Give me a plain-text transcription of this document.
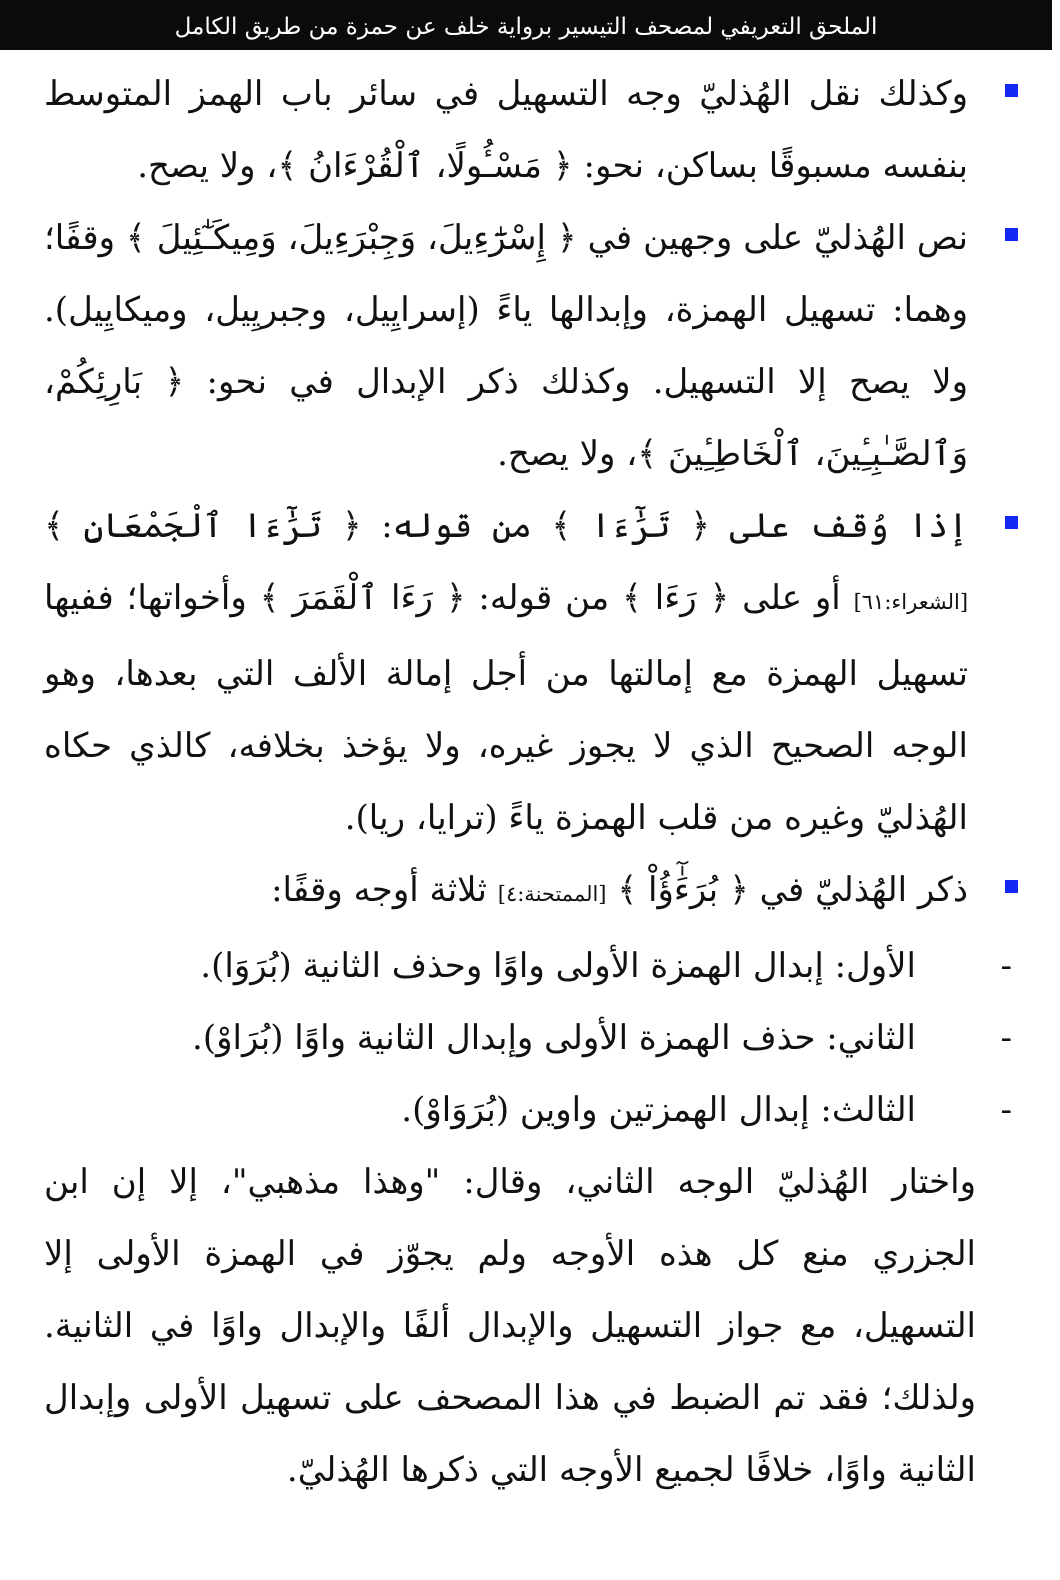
الملحق التعريفي لمصحف التيسير برواية خلف عن حمزة من طريق الكامل
وكذلك نقل الهُذليّ وجه التسهيل في سائر باب الهمز المتوسط بنفسه مسبوقًا بساكن، نحو: ﴿ مَسْـُٔولًا، ٱلْقُرْءَانُ ﴾، ولا يصح.
نص الهُذليّ على وجهين في ﴿ إِسْرَٰٓءِيلَ، وَجِبْرَءِيلَ، وَمِيكَـٰٓئِيلَ ﴾ وقفًا؛ وهما: تسهيل الهمزة، وإبدالها ياءً (إسرايِيل، وجبريِيل، وميكايِيل). ولا يصح إلا التسهيل. وكذلك ذكر الإبدال في نحو: ﴿ بَارِئِكُمْ، وَٱلصَّـٰبِـِٔينَ، ٱلْخَاطِـِٔينَ ﴾، ولا يصح.
إذا وُقف على ﴿ تَرَٰٓءَا ﴾ من قوله: ﴿ تَرَٰٓءَا ٱلْجَمْعَانِ ﴾ [الشعراء:٦١] أو على ﴿ رَءَا ﴾ من قوله: ﴿ رَءَا ٱلْقَمَرَ ﴾ وأخواتها؛ ففيها تسهيل الهمزة مع إمالتها من أجل إمالة الألف التي بعدها، وهو الوجه الصحيح الذي لا يجوز غيره، ولا يؤخذ بخلافه، كالذي حكاه الهُذليّ وغيره من قلب الهمزة ياءً (ترايا، ريا).
ذكر الهُذليّ في ﴿ بُرَءَٰٓؤُاْ ﴾ [الممتحنة:٤] ثلاثة أوجه وقفًا:
-
الأول: إبدال الهمزة الأولى واوًا وحذف الثانية (بُرَوَا).
-
الثاني: حذف الهمزة الأولى وإبدال الثانية واوًا (بُرَاوْ).
-
الثالث: إبدال الهمزتين واوين (بُرَوَاوْ).
واختار الهُذليّ الوجه الثاني، وقال: "وهذا مذهبي"، إلا إن ابن الجزري منع كل هذه الأوجه ولم يجوّز في الهمزة الأولى إلا التسهيل، مع جواز التسهيل والإبدال ألفًا والإبدال واوًا في الثانية. ولذلك؛ فقد تم الضبط في هذا المصحف على تسهيل الأولى وإبدال الثانية واوًا، خلافًا لجميع الأوجه التي ذكرها الهُذليّ.
